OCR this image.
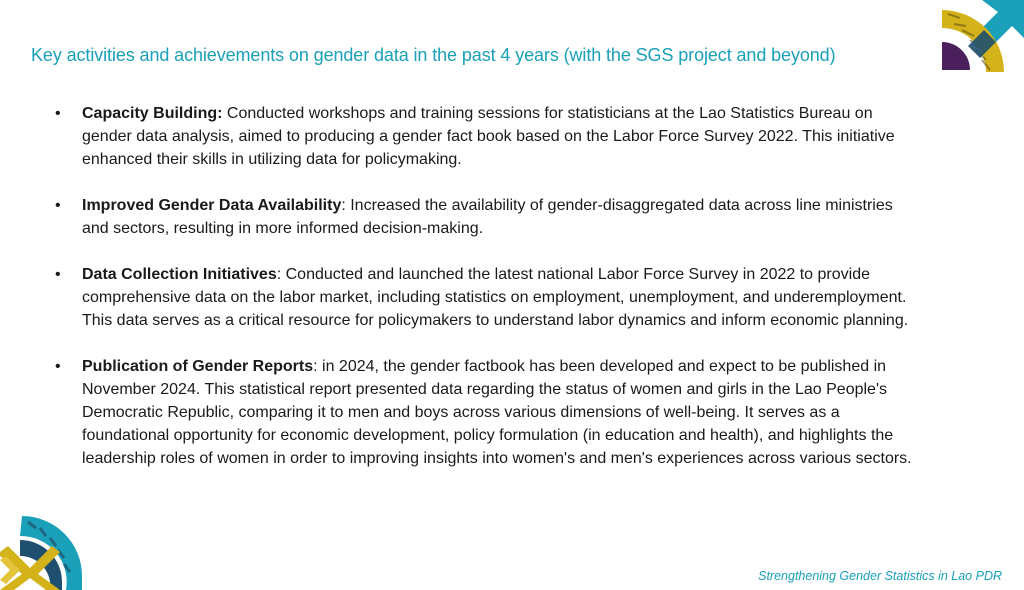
Key activities and achievements on gender data in the past 4 years (with the SGS project and beyond)
• Capacity Building: Conducted workshops and training sessions for statisticians at the Lao Statistics Bureau on gender data analysis, aimed to producing a gender fact book based on the Labor Force Survey 2022. This initiative enhanced their skills in utilizing data for policymaking.
• Improved Gender Data Availability: Increased the availability of gender-disaggregated data across line ministries and sectors, resulting in more informed decision-making.
• Data Collection Initiatives: Conducted and launched the latest national Labor Force Survey in 2022 to provide comprehensive data on the labor market, including statistics on employment, unemployment, and underemployment. This data serves as a critical resource for policymakers to understand labor dynamics and inform economic planning.
• Publication of Gender Reports: in 2024, the gender factbook has been developed and expect to be published in November 2024. This statistical report presented data regarding the status of women and girls in the Lao People's Democratic Republic, comparing it to men and boys across various dimensions of well-being. It serves as a foundational opportunity for economic development, policy formulation (in education and health), and highlights the leadership roles of women in order to improving insights into women's and men's experiences across various sectors.
Strengthening Gender Statistics in Lao PDR
